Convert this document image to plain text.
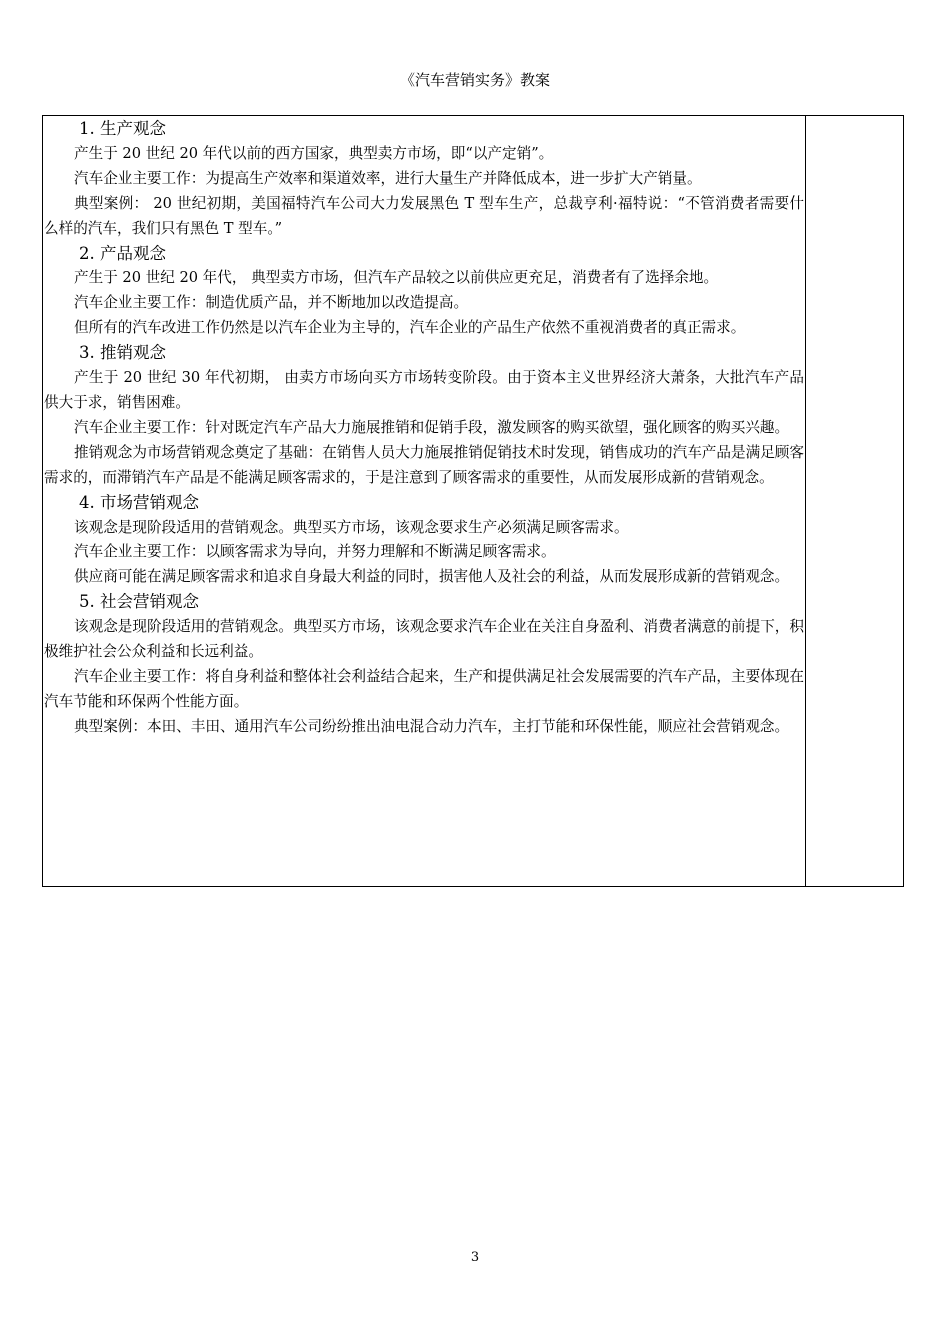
《汽车营销实务》教案
1. 生产观念

产生于 20 世纪 20 年代以前的西方国家，典型卖方市场，即“以产定销”。

汽车企业主要工作：为提高生产效率和渠道效率，进行大量生产并降低成本，进一步扩大产销量。

典型案例： 20 世纪初期，美国福特汽车公司大力发展黑色 T 型车生产，总裁亨利·福特说：“不管消费者需要什么样的汽车，我们只有黑色 T 型车。”

2. 产品观念

产生于 20 世纪 20 年代， 典型卖方市场，但汽车产品较之以前供应更充足，消费者有了选择余地。

汽车企业主要工作：制造优质产品，并不断地加以改造提高。

但所有的汽车改进工作仍然是以汽车企业为主导的，汽车企业的产品生产依然不重视消费者的真正需求。

3. 推销观念

产生于 20 世纪 30 年代初期， 由卖方市场向买方市场转变阶段。由于资本主义世界经济大萧条，大批汽车产品供大于求，销售困难。

汽车企业主要工作：针对既定汽车产品大力施展推销和促销手段，激发顾客的购买欲望，强化顾客的购买兴趣。

推销观念为市场营销观念奠定了基础：在销售人员大力施展推销促销技术时发现，销售成功的汽车产品是满足顾客需求的，而滞销汽车产品是不能满足顾客需求的，于是注意到了顾客需求的重要性，从而发展形成新的营销观念。

4. 市场营销观念

该观念是现阶段适用的营销观念。典型买方市场，该观念要求生产必须满足顾客需求。

汽车企业主要工作：以顾客需求为导向，并努力理解和不断满足顾客需求。

供应商可能在满足顾客需求和追求自身最大利益的同时，损害他人及社会的利益，从而发展形成新的营销观念。

5. 社会营销观念

该观念是现阶段适用的营销观念。典型买方市场，该观念要求汽车企业在关注自身盈利、消费者满意的前提下，积极维护社会公众利益和长远利益。

汽车企业主要工作：将自身利益和整体社会利益结合起来，生产和提供满足社会发展需要的汽车产品，主要体现在汽车节能和环保两个性能方面。

典型案例：本田、丰田、通用汽车公司纷纷推出油电混合动力汽车，主打节能和环保性能，顺应社会营销观念。

3
